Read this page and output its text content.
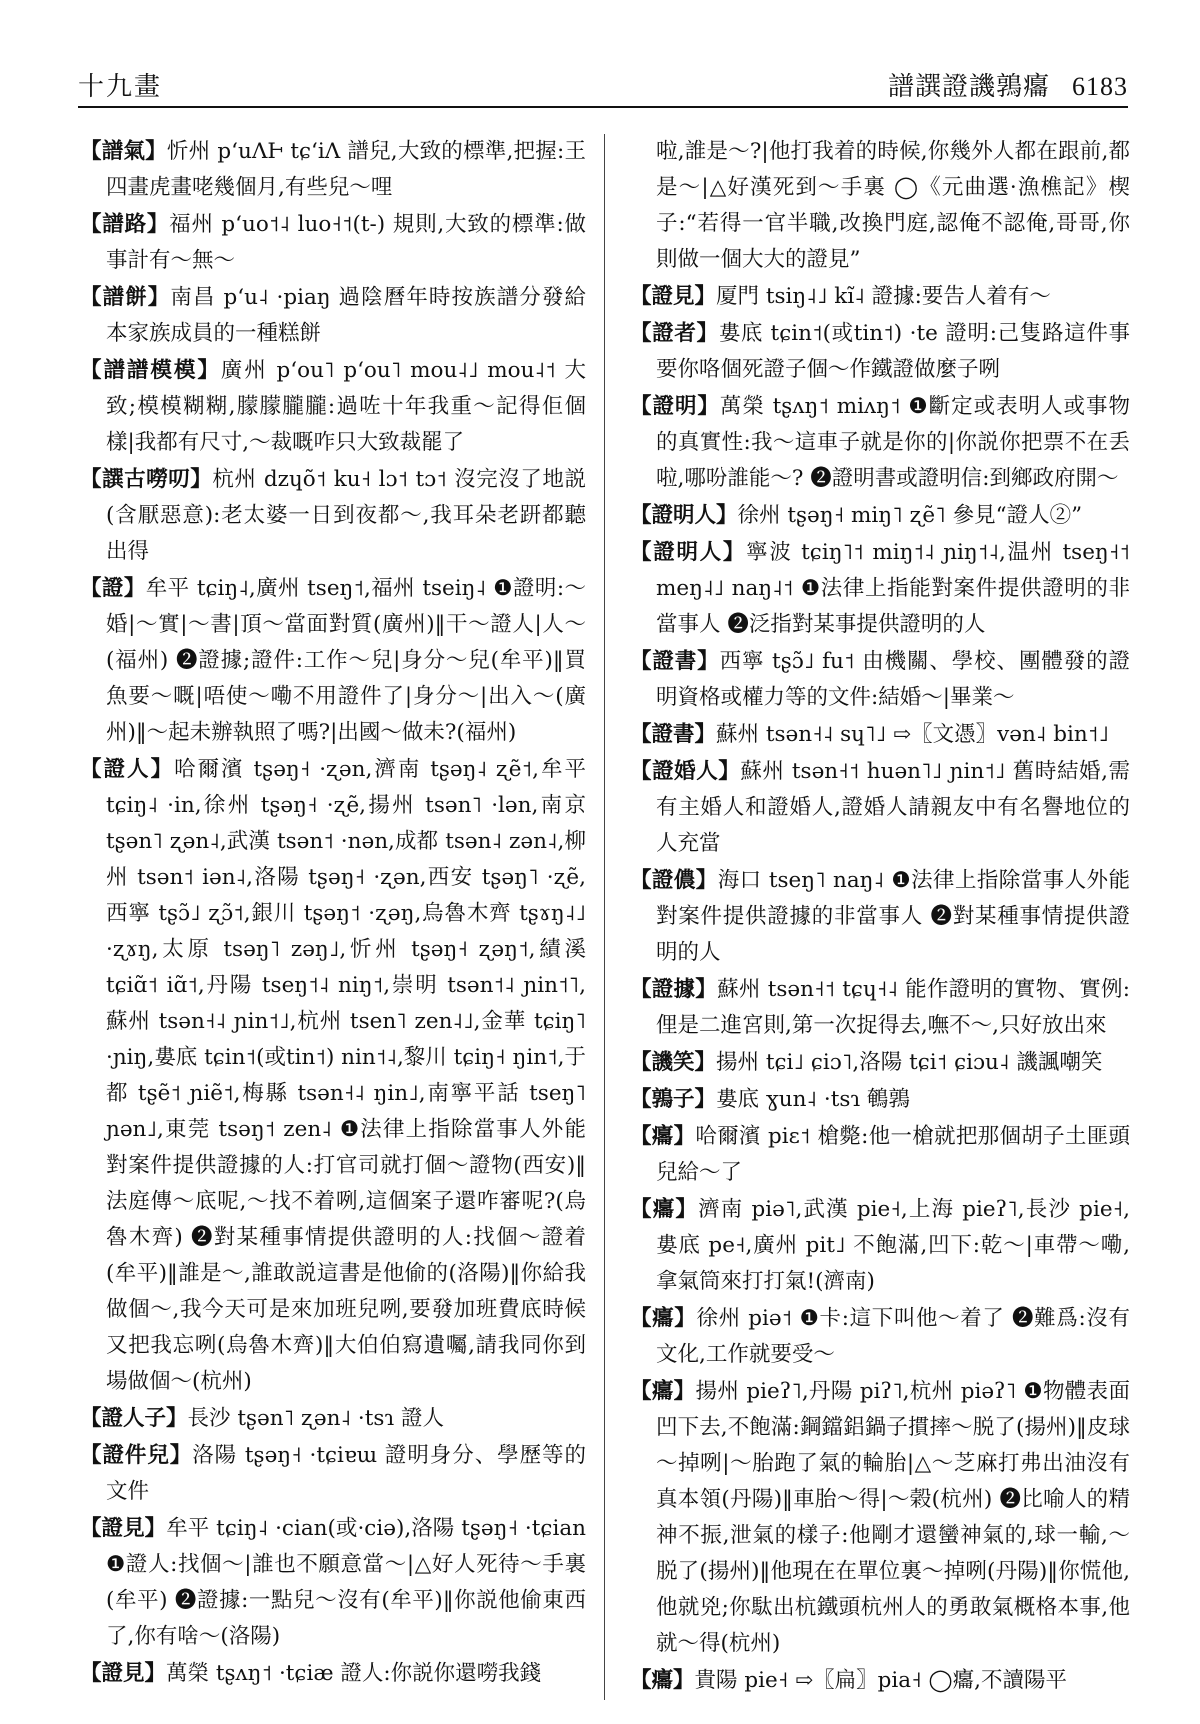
十九畫	譜譔證譏鶉癟 6183

【譜氣】忻州 pʻuɅⱵ tɕʻiɅ 譜兒,大致的標準,把握:王四畫虎畫咾幾個月,有些兒～哩

【譜路】福州 pʻuo˦˨ luo˧˦(t-) 規則,大致的標準:做事計有～無～

【譜餅】南昌 pʻu˨ ·piaŋ 過陰曆年時按族譜分發給本家族成員的一種糕餅

【譜譜模模】廣州 pʻou˥ pʻou˥ mou˨˩ mou˨˦ 大致;模模糊糊,朦朦朧朧:過咗十年我重～記得佢個樣|我都有尺寸,～裁嘅咋只大致裁罷了

【譔古嘮叨】杭州 dzɥõ˦ ku˧ lɔ˦ tɔ˦ 沒完沒了地説(含厭惡意):老太婆一日到夜都～,我耳朵老趼都聽出得

【證】牟平 tɕiŋ˨,廣州 tseŋ˦,福州 tseiŋ˨ ❶證明:～婚|～實|～書|頂～當面對質(廣州)‖干～證人|人～(福州) ❷證據;證件:工作～兒|身分～兒(牟平)‖買魚要～嘅|唔使～嘞不用證件了|身分～|出入～(廣州)‖～起未辦執照了嗎?|出國～做未?(福州)

【證人】哈爾濱 tʂəŋ˧ ·ʐən,濟南 tʂəŋ˨ ʐẽ˦,牟平 tɕiŋ˨ ·in,徐州 tʂəŋ˧ ·ʐẽ,揚州 tsən˥ ·lən,南京 tʂən˥ ʐən˨,武漢 tsən˦ ·nən,成都 tsən˨ zən˨,柳州 tsən˦ iən˨,洛陽 tʂəŋ˧ ·ʐən,西安 tʂəŋ˥ ·ʐẽ,西寧 tʂɔ̃˩ ʐɔ̃˦,銀川 tʂəŋ˦ ·ʐəŋ,烏魯木齊 tʂɤŋ˨˩ ·ʐɤŋ,太原 tsəŋ˥ zəŋ˩,忻州 tʂəŋ˧ ʐəŋ˦,績溪 tɕiɑ̃˦ iɑ̃˦,丹陽 tseŋ˦˨ niŋ˦,崇明 tsən˦˨ ɲin˦˥,蘇州 tsən˧˨ ɲin˦˩,杭州 tsen˥ zen˨˩,金華 tɕiŋ˥ ·ɲiŋ,婁底 tɕin˦(或tin˦) nin˦˨,黎川 tɕiŋ˧ ŋin˦,于都 tʂẽ˦ ɲiẽ˦,梅縣 tsən˧˨ ŋin˩,南寧平話 tseŋ˥ ɲən˩,東莞 tsəŋ˦ zen˨ ❶法律上指除當事人外能對案件提供證據的人:打官司就打個～證物(西安)‖法庭傳～底呢,～找不着咧,這個案子還咋審呢?(烏魯木齊) ❷對某種事情提供證明的人:找個～證着(牟平)‖誰是～,誰敢説這書是他偷的(洛陽)‖你給我做個～,我今天可是來加班兒咧,要發加班費底時候又把我忘咧(烏魯木齊)‖大伯伯寫遺囑,請我同你到場做個～(杭州)

【證人子】長沙 tʂən˥ ʐən˨ ·tsɿ 證人

【證件兒】洛陽 tʂəŋ˧ ·tɕiɐɯ 證明身分、學歷等的文件

【證見】牟平 tɕiŋ˨ ·cian(或·ciə),洛陽 tʂəŋ˧ ·tɕian ❶證人:找個～|誰也不願意當～|△好人死待～手裏(牟平) ❷證據:一點兒～沒有(牟平)‖你説他偷東西了,你有啥～(洛陽)

【證見】萬榮 tʂʌŋ˦ ·tɕiæ 證人:你説你還嘮我錢

啦,誰是～?|他打我着的時候,你幾外人都在跟前,都是～|△好漢死到～手裏 ◯《元曲選·漁樵記》楔子:“若得一官半職,改換門庭,認俺不認俺,哥哥,你則做一個大大的證見”

【證見】厦門 tsiŋ˨˩ kĩ˨ 證據:要告人着有～

【證者】婁底 tɕin˦(或tin˦) ·te 證明:己隻路這件事要你咯個死證子個～作鐵證做麼子咧

【證明】萬榮 tʂʌŋ˦ miʌŋ˦ ❶斷定或表明人或事物的真實性:我～這車子就是你的|你説你把票不在丢啦,哪吩誰能～? ❷證明書或證明信:到鄉政府開～

【證明人】徐州 tʂəŋ˧ miŋ˥ ʐẽ˥ 參見“證人②”

【證明人】寧波 tɕiŋ˥˦ miŋ˦˨ ɲiŋ˦˨,温州 tseŋ˧˦ meŋ˨˩ naŋ˨˦ ❶法律上指能對案件提供證明的非當事人 ❷泛指對某事提供證明的人

【證書】西寧 tʂɔ̃˩ fu˦ 由機關、學校、團體發的證明資格或權力等的文件:結婚～|畢業～

【證書】蘇州 tsən˧˨ sɥ˥˩ ⇨〖文憑〗vən˨ bin˦˩

【證婚人】蘇州 tsən˧˦ huən˥˩ ɲin˦˩ 舊時結婚,需有主婚人和證婚人,證婚人請親友中有名譽地位的人充當

【證儂】海口 tseŋ˥ naŋ˨ ❶法律上指除當事人外能對案件提供證據的非當事人 ❷對某種事情提供證明的人

【證據】蘇州 tsən˧˦ tɕɥ˧˨ 能作證明的實物、實例:俚是二進宮則,第一次捉得去,嘸不～,只好放出來

【譏笑】揚州 tɕi˩ ɕiɔ˥,洛陽 tɕi˦ ɕiɔu˨ 譏諷嘲笑

【鶉子】婁底 ɣun˨ ·tsɿ 鵪鶉

【癟】哈爾濱 piɛ˦ 槍斃:他一槍就把那個胡子土匪頭兒給～了

【癟】濟南 piə˥,武漢 pie˧,上海 pieʔ˥,長沙 pie˧,婁底 pe˧,廣州 pit˩ 不飽滿,凹下:乾～|車帶～嘞,拿氣筒來打打氣!(濟南)

【癟】徐州 piə˦ ❶卡:這下叫他～着了 ❷難爲:沒有文化,工作就要受～

【癟】揚州 pieʔ˥,丹陽 piʔ˥,杭州 piəʔ˥ ❶物體表面凹下去,不飽滿:鋼鐺鋁鍋子摜摔～脱了(揚州)‖皮球～掉咧|～胎跑了氣的輪胎|△～芝麻打弗出油沒有真本領(丹陽)‖車胎～得|～榖(杭州) ❷比喻人的精神不振,泄氣的樣子:他剛才還蠻神氣的,球一輸,～脱了(揚州)‖他現在在單位裏～掉咧(丹陽)‖你慌他,他就兇;你駄出杭鐵頭杭州人的勇敢氣概格本事,他就～得(杭州)

【癟】貴陽 pie˧ ⇨〖扁〗pia˧ ◯癟,不讀陽平
